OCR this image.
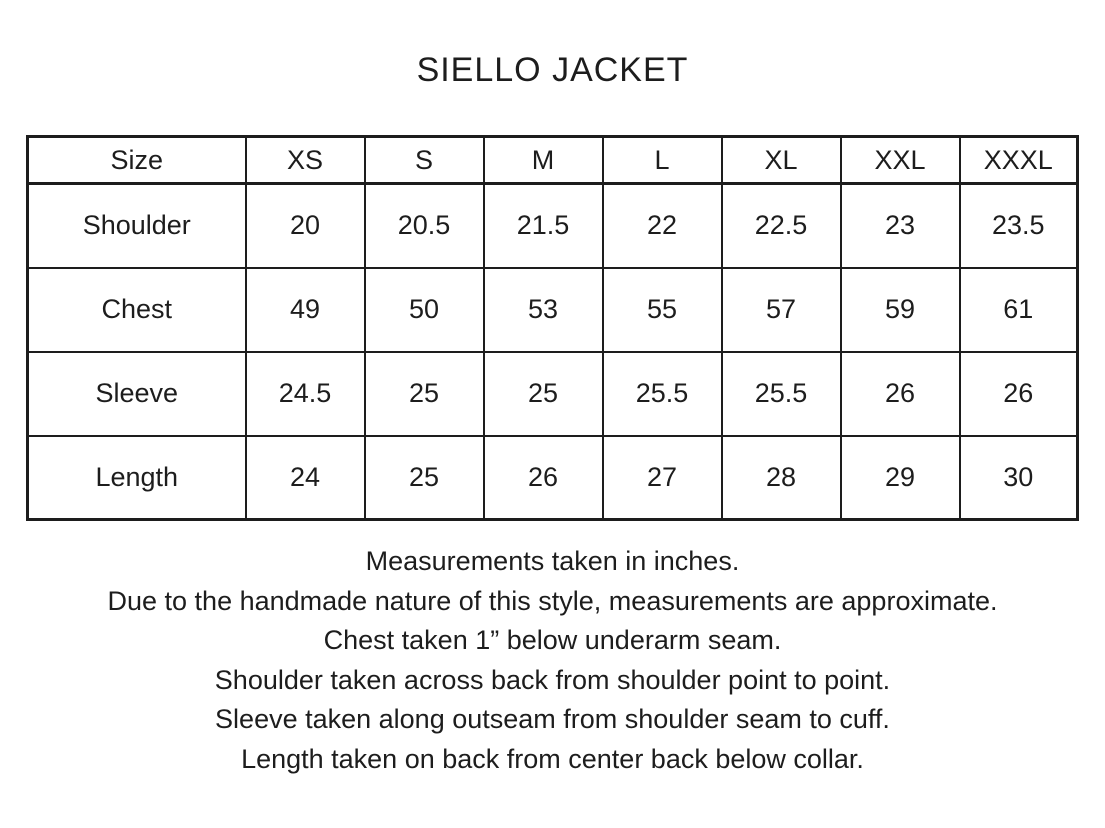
SIELLO JACKET
Size	XS	S	M	L	XL	XXL	XXXL
Shoulder	20	20.5	21.5	22	22.5	23	23.5
Chest	49	50	53	55	57	59	61
Sleeve	24.5	25	25	25.5	25.5	26	26
Length	24	25	26	27	28	29	30
Measurements taken in inches.
Due to the handmade nature of this style, measurements are approximate.
Chest taken 1” below underarm seam.
Shoulder taken across back from shoulder point to point.
Sleeve taken along outseam from shoulder seam to cuff.
Length taken on back from center back below collar.
